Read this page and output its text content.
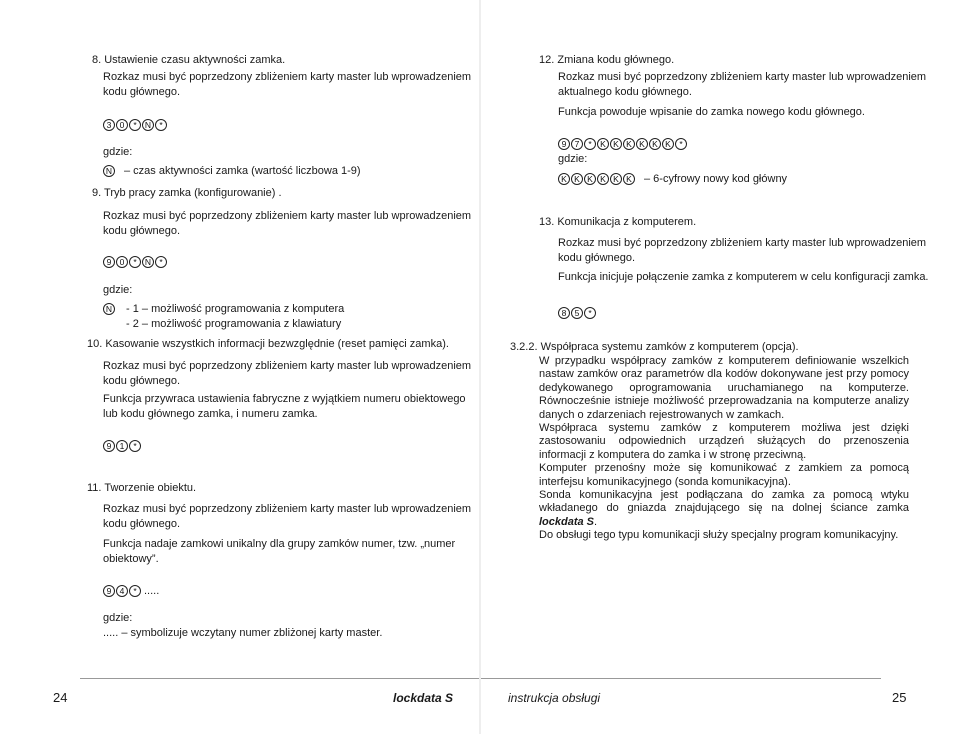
8. Ustawienie czasu aktywności zamka.
Rozkaz musi być poprzedzony zbliżeniem karty master lub wprowadzeniem
kodu głównego.
3 0	* N *
gdzie:
N – czas aktywności zamka (wartość liczbowa 1-9)
9. Tryb pracy zamka (konfigurowanie) .
Rozkaz musi być poprzedzony zbliżeniem karty master lub wprowadzeniem
kodu głównego.
9 0	* N *
gdzie:
N - 1 – możliwość programowania z komputera
- 2 – możliwość programowania z klawiatury
10. Kasowanie wszystkich informacji bezwzględnie (reset pamięci zamka).
Rozkaz musi być poprzedzony zbliżeniem karty master lub wprowadzeniem
kodu głównego.
Funkcja przywraca ustawienia fabryczne z wyjątkiem numeru obiektowego
lub kodu głównego zamka, i numeru zamka.
9 1	*
11. Tworzenie obiektu.
Rozkaz musi być poprzedzony zbliżeniem karty master lub wprowadzeniem
kodu głównego.
Funkcja nadaje zamkowi unikalny dla grupy zamków numer, tzw. „numer
obiektowy”.
9 4	* .....
gdzie:
..... – symbolizuje wczytany numer zbliżonej karty master.
24	lockdata S
12. Zmiana kodu głównego.
Rozkaz musi być poprzedzony zbliżeniem karty master lub wprowadzeniem
aktualnego kodu głównego.
Funkcja powoduje wpisanie do zamka nowego kodu głównego.
9 7	*	K K K K K K	*
gdzie:
K K K K K K – 6-cyfrowy nowy kod główny
13. Komunikacja z komputerem.
Rozkaz musi być poprzedzony zbliżeniem karty master lub wprowadzeniem
kodu głównego.
Funkcja inicjuje połączenie zamka z komputerem w celu konfiguracji zamka.
8 5	*
3.2.2. Współpraca systemu zamków z komputerem (opcja).
W przypadku współpracy zamków z komputerem definiowanie wszelkich nastaw zamków oraz parametrów dla kodów dokonywane jest przy pomocy dedykowanego oprogramowania uruchamianego na komputerze. Równocześnie istnieje możliwość przeprowadzania na komputerze analizy danych o zdarzeniach rejestrowanych w zamkach.
Współpraca systemu zamków z komputerem możliwa jest dzięki zastosowaniu odpowiednich urządzeń służących do przenoszenia informacji z komputera do zamka i w stronę przeciwną.
Komputer przenośny może się komunikować z zamkiem za pomocą interfejsu komunikacyjnego (sonda komunikacyjna).
Sonda komunikacyjna jest podłączana do zamka za pomocą wtyku wkładanego do gniazda znajdującego się na dolnej ściance zamka lockdata S.
Do obsługi tego typu komunikacji służy specjalny program komunikacyjny.
instrukcja obsługi	25
